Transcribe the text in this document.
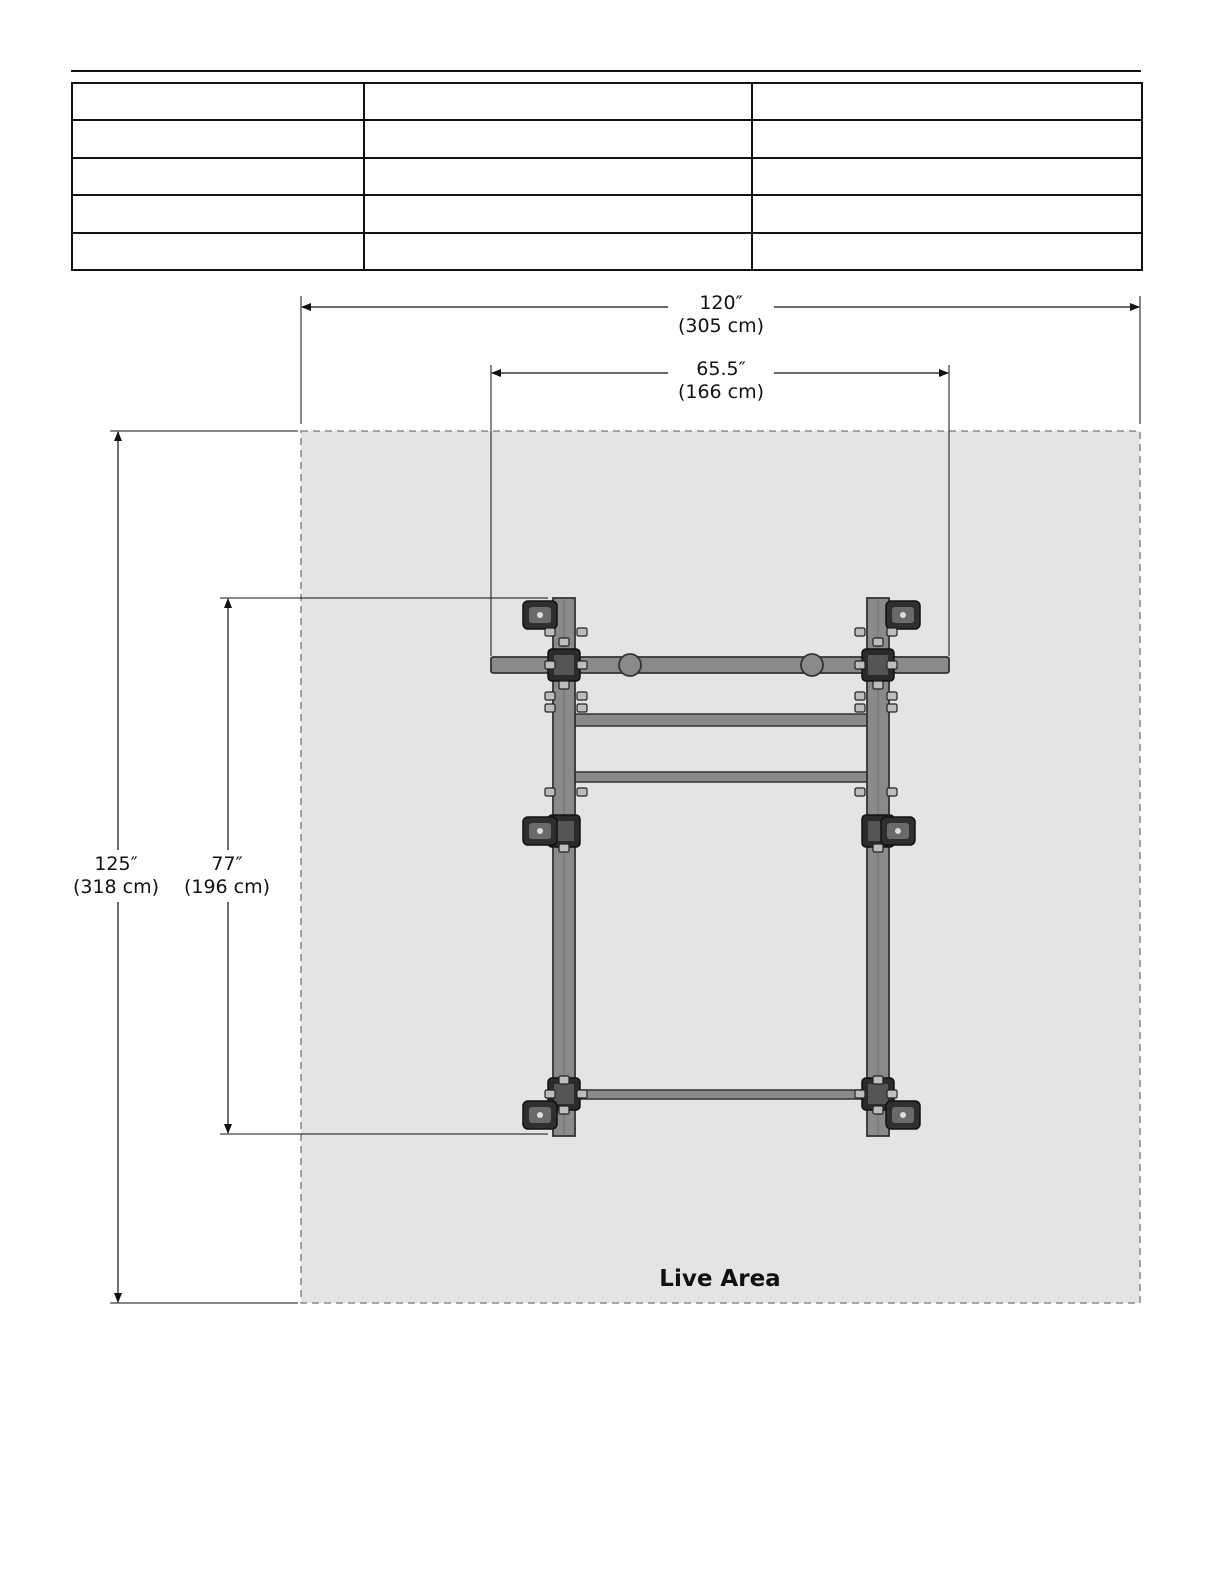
Live Area
120″
(305 cm)
65.5″
(166 cm)
125″
(318 cm)
77″
(196 cm)
